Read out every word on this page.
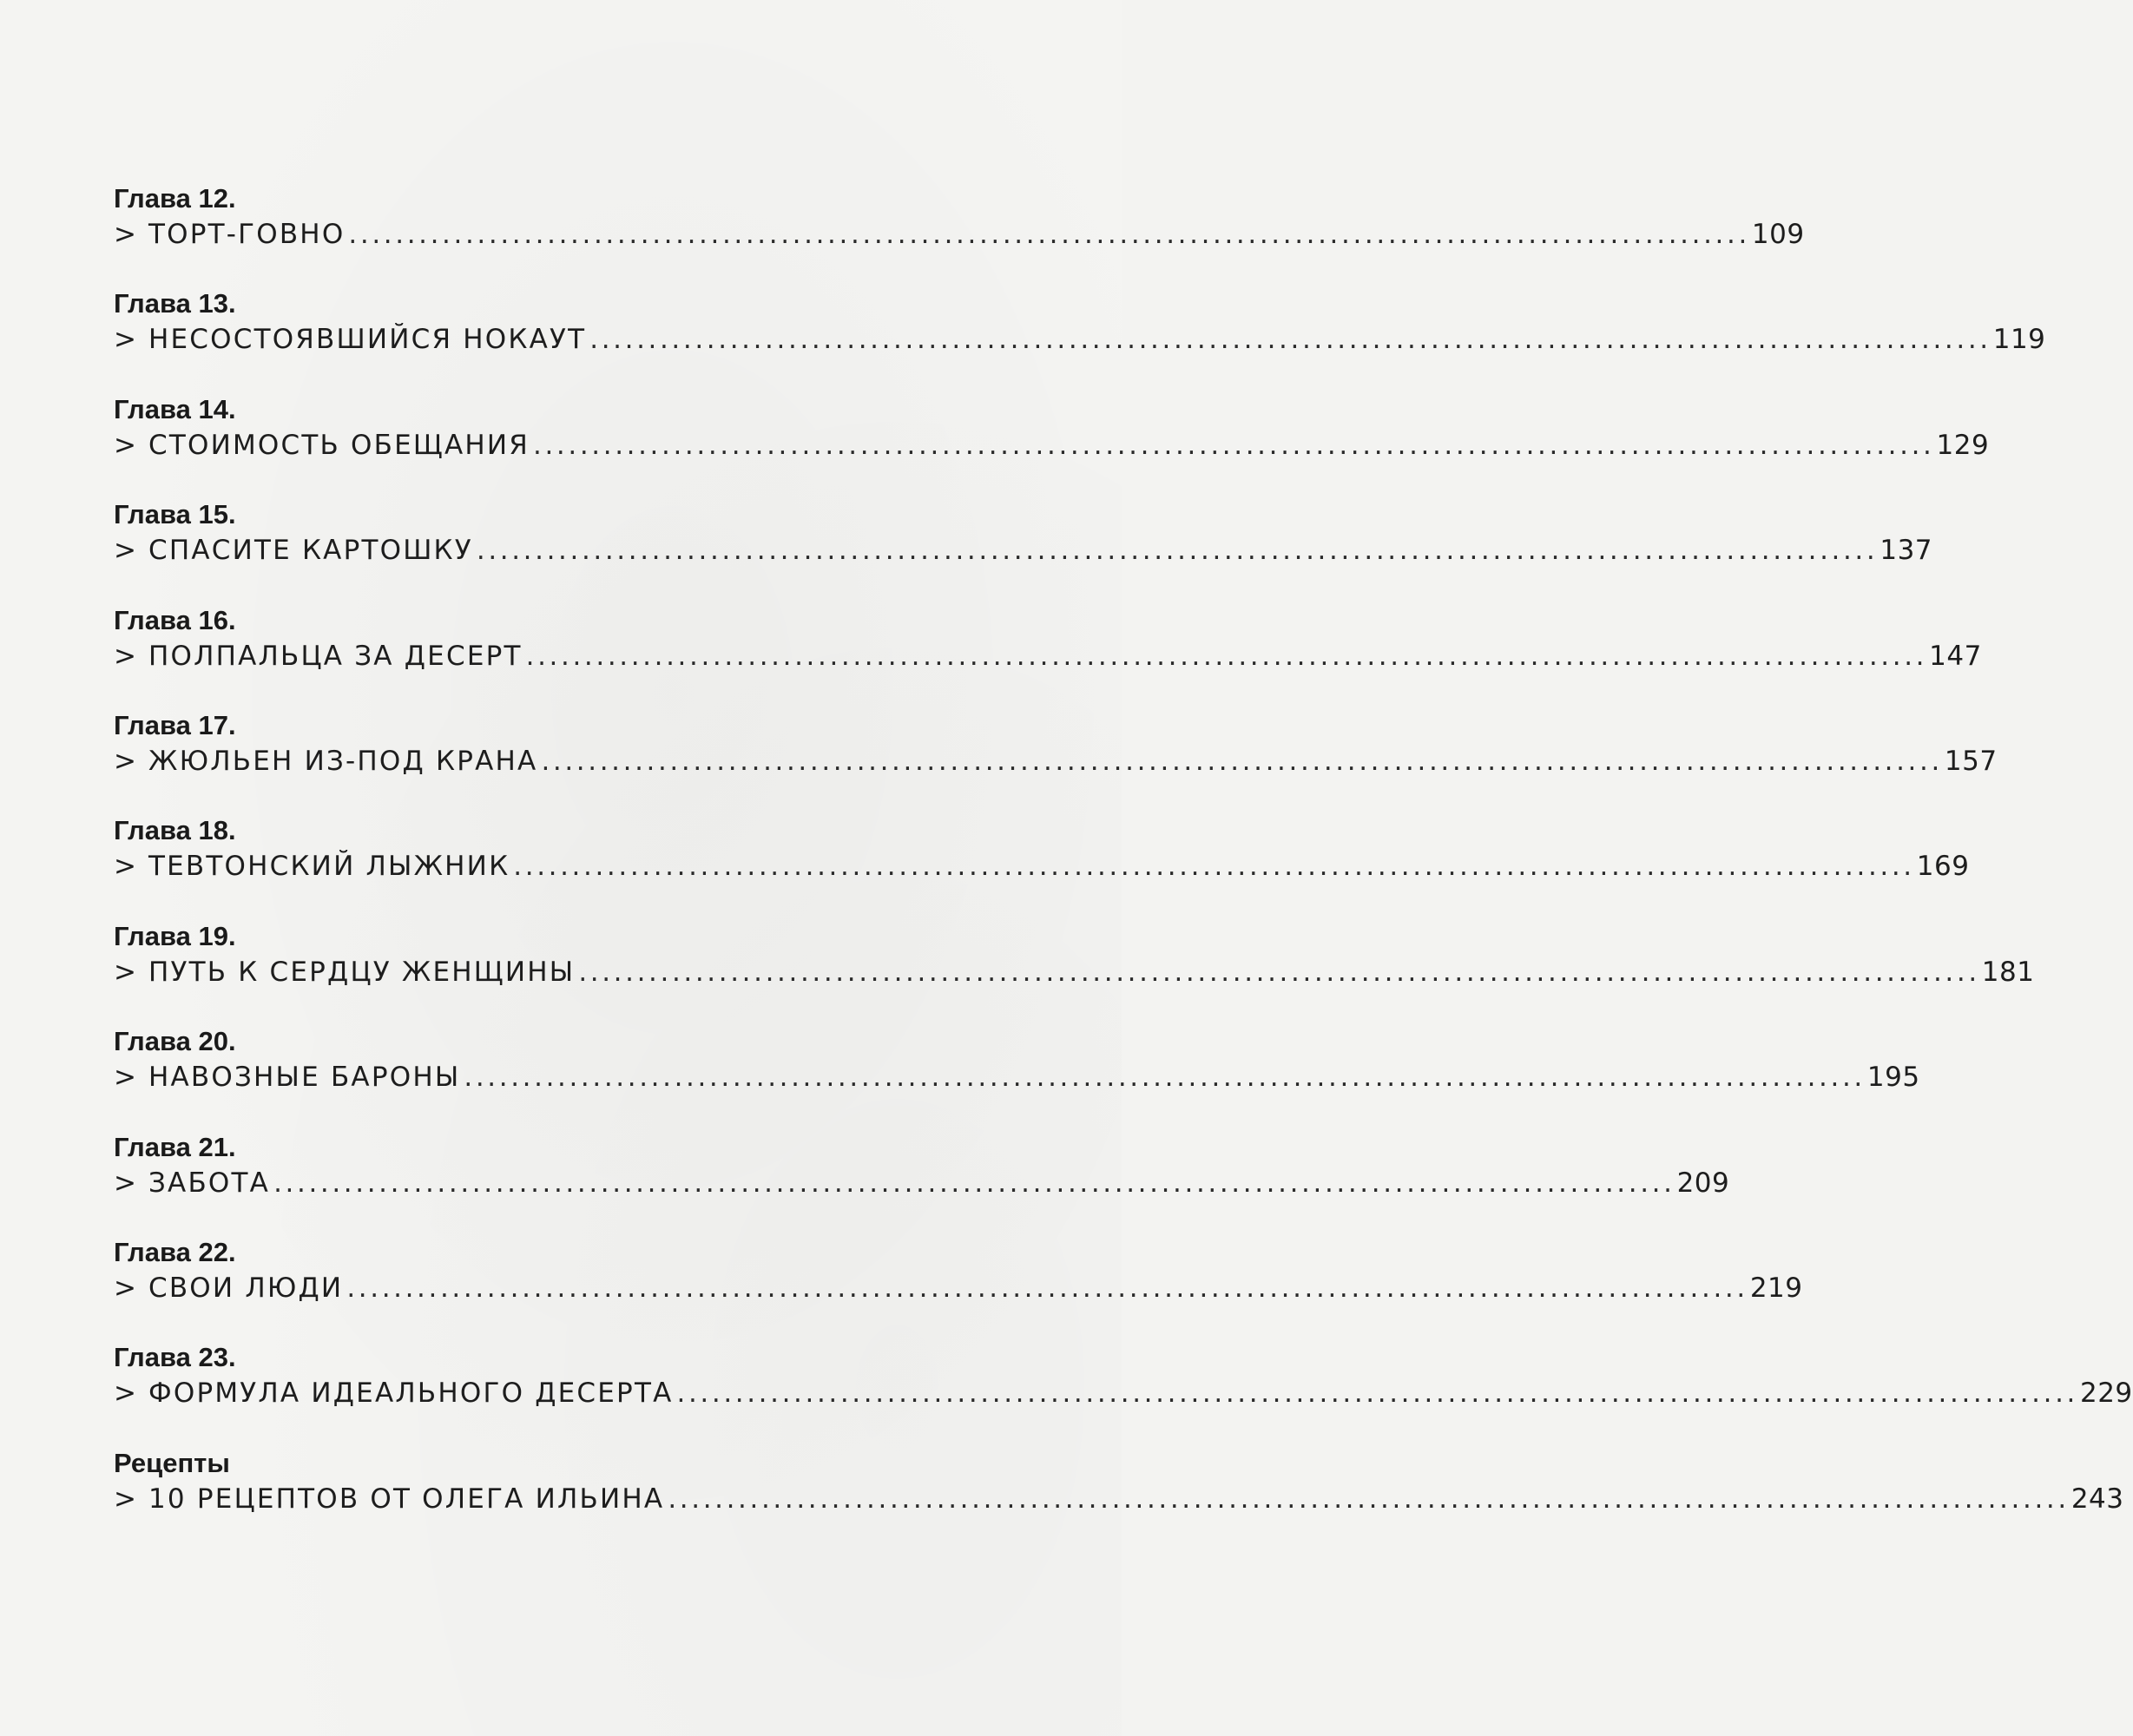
Глава 12.
> ТОРТ-ГОВНО ........................................................................................................................ 109
Глава 13.
> НЕСОСТОЯВШИЙСЯ НОКАУТ ........................................................................................................................ 119
Глава 14.
> СТОИМОСТЬ ОБЕЩАНИЯ ........................................................................................................................ 129
Глава 15.
> СПАСИТЕ КАРТОШКУ ........................................................................................................................ 137
Глава 16.
> ПОЛПАЛЬЦА ЗА ДЕСЕРТ ........................................................................................................................ 147
Глава 17.
> ЖЮЛЬЕН ИЗ-ПОД КРАНА ........................................................................................................................ 157
Глава 18.
> ТЕВТОНСКИЙ ЛЫЖНИК ........................................................................................................................ 169
Глава 19.
> ПУТЬ К СЕРДЦУ ЖЕНЩИНЫ ........................................................................................................................ 181
Глава 20.
> НАВОЗНЫЕ БАРОНЫ ........................................................................................................................ 195
Глава 21.
> ЗАБОТА ........................................................................................................................ 209
Глава 22.
> СВОИ ЛЮДИ ........................................................................................................................ 219
Глава 23.
> ФОРМУЛА ИДЕАЛЬНОГО ДЕСЕРТА ........................................................................................................................ 229
Рецепты
> 10 РЕЦЕПТОВ ОТ ОЛЕГА ИЛЬИНА ........................................................................................................................ 243
